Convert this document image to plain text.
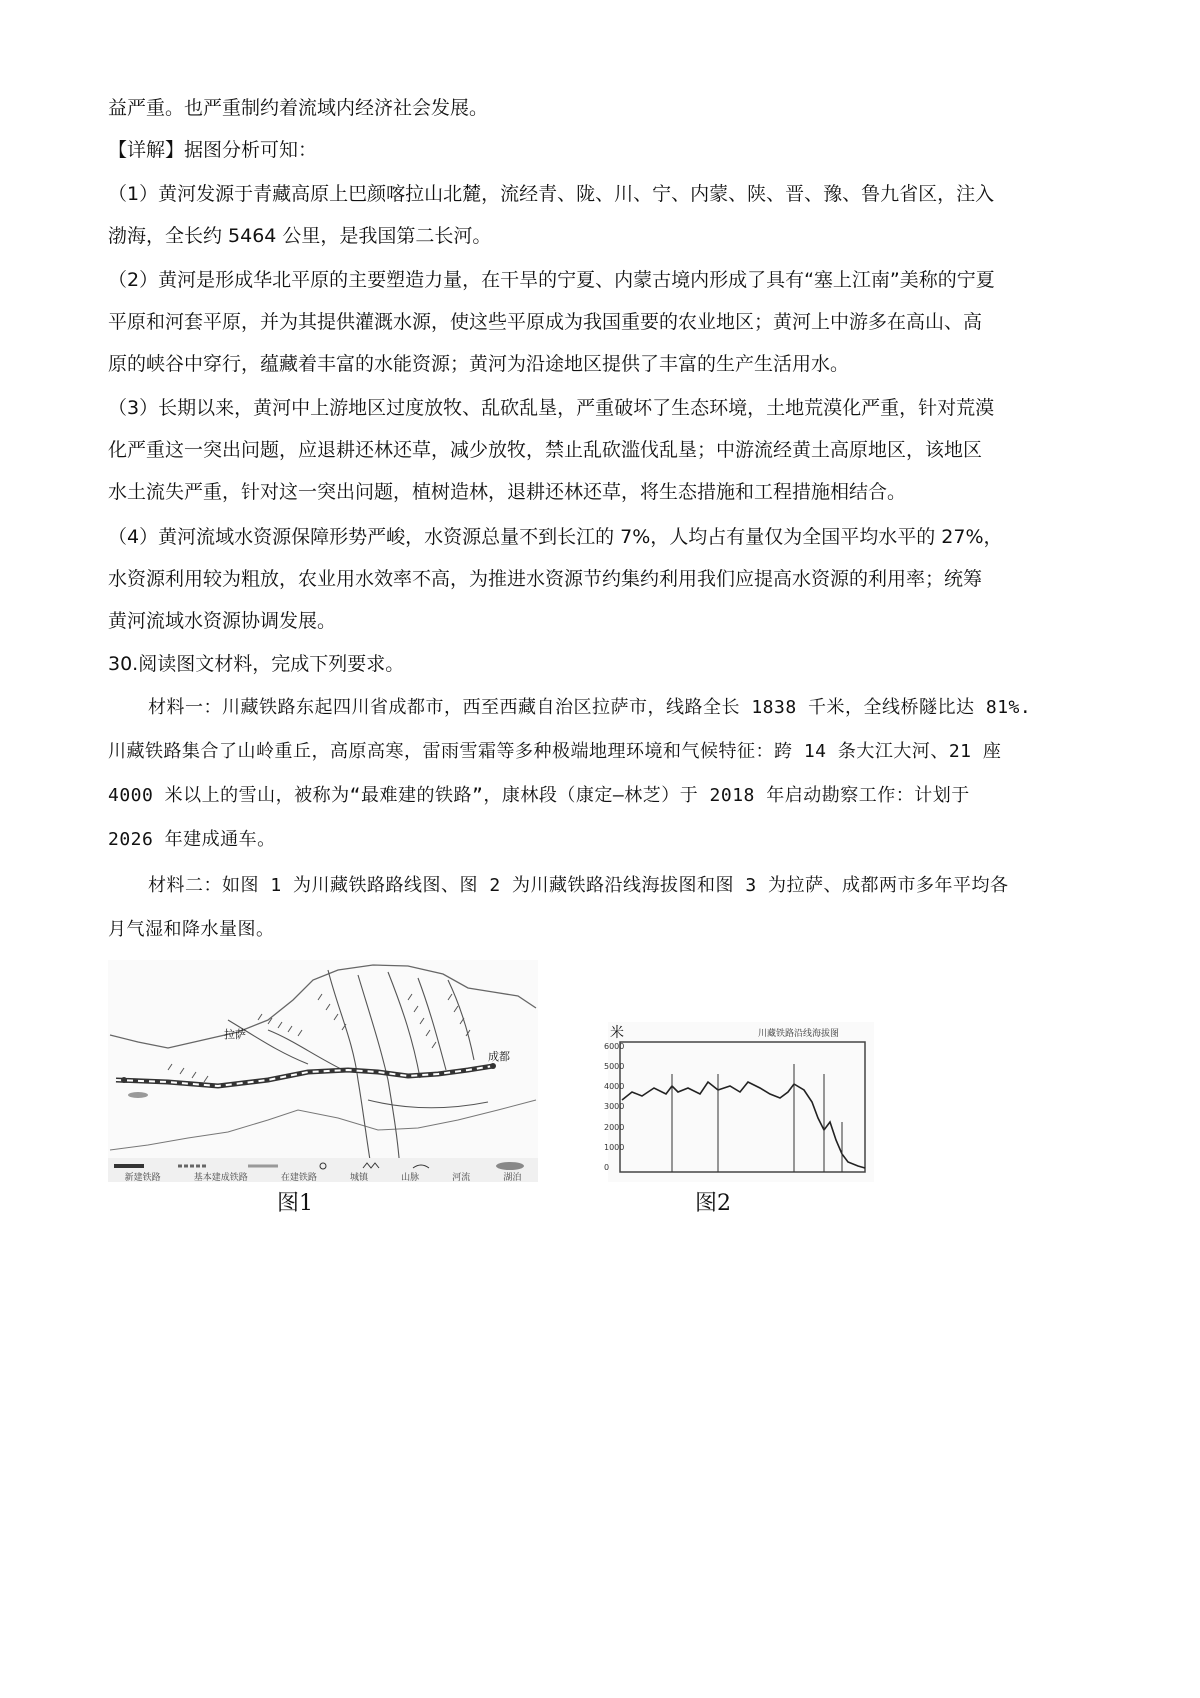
益严重。也严重制约着流域内经济社会发展。
【详解】据图分析可知：
（1）黄河发源于青藏高原上巴颜喀拉山北麓，流经青、陇、川、宁、内蒙、陕、晋、豫、鲁九省区，注入
渤海，全长约 5464 公里，是我国第二长河。
（2）黄河是形成华北平原的主要塑造力量，在干旱的宁夏、内蒙古境内形成了具有“塞上江南”美称的宁夏
平原和河套平原，并为其提供灌溉水源，使这些平原成为我国重要的农业地区；黄河上中游多在高山、高
原的峡谷中穿行，蕴藏着丰富的水能资源；黄河为沿途地区提供了丰富的生产生活用水。
（3）长期以来，黄河中上游地区过度放牧、乱砍乱垦，严重破坏了生态环境，土地荒漠化严重，针对荒漠
化严重这一突出问题，应退耕还林还草，减少放牧，禁止乱砍滥伐乱垦；中游流经黄土高原地区，该地区
水土流失严重，针对这一突出问题，植树造林，退耕还林还草，将生态措施和工程措施相结合。
（4）黄河流域水资源保障形势严峻，水资源总量不到长江的 7%，人均占有量仅为全国平均水平的 27%，
水资源利用较为粗放，农业用水效率不高，为推进水资源节约集约利用我们应提高水资源的利用率；统筹
黄河流域水资源协调发展。
30.阅读图文材料，完成下列要求。
材料一：川藏铁路东起四川省成都市，西至西藏自治区拉萨市，线路全长 1838 千米，全线桥隧比达 81%.
川藏铁路集合了山岭重丘，高原高寒，雷雨雪霜等多种极端地理环境和气候特征：跨 14 条大江大河、21 座
4000 米以上的雪山，被称为“最难建的铁路”，康林段（康定—林芝）于 2018 年启动勘察工作：计划于
2026 年建成通车。
材料二：如图 1 为川藏铁路路线图、图 2 为川藏铁路沿线海拔图和图 3 为拉萨、成都两市多年平均各
月气湿和降水量图。
拉萨
成都
新建铁路	基本建成铁路	在建铁路	城镇	山脉	河流	湖泊
图1
米	川藏铁路沿线海拔图
6000
5000
4000
3000
2000
1000
0
图2
